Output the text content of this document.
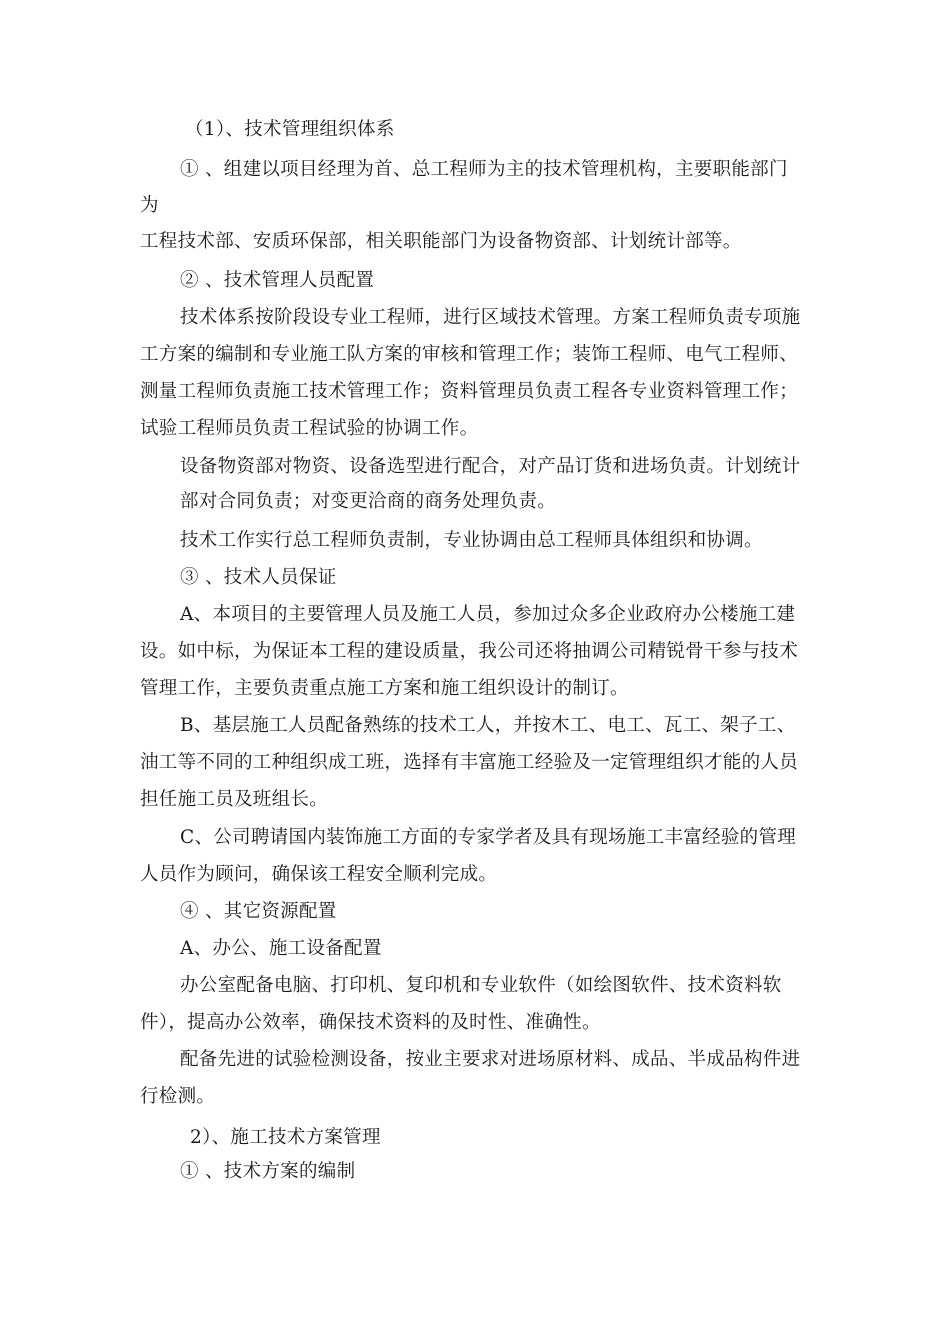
（1）、技术管理组织体系
① 、组建以项目经理为首、总工程师为主的技术管理机构，主要职能部门
为
工程技术部、安质环保部，相关职能部门为设备物资部、计划统计部等。
② 、技术管理人员配置
技术体系按阶段设专业工程师，进行区域技术管理。方案工程师负责专项施
工方案的编制和专业施工队方案的审核和管理工作；装饰工程师、电气工程师、
测量工程师负责施工技术管理工作；资料管理员负责工程各专业资料管理工作；
试验工程师员负责工程试验的协调工作。
设备物资部对物资、设备选型进行配合，对产品订货和进场负责。计划统计
部对合同负责；对变更洽商的商务处理负责。
技术工作实行总工程师负责制，专业协调由总工程师具体组织和协调。
③ 、技术人员保证
A、本项目的主要管理人员及施工人员，参加过众多企业政府办公楼施工建
设。如中标，为保证本工程的建设质量，我公司还将抽调公司精锐骨干参与技术
管理工作，主要负责重点施工方案和施工组织设计的制订。
B、基层施工人员配备熟练的技术工人，并按木工、电工、瓦工、架子工、
油工等不同的工种组织成工班，选择有丰富施工经验及一定管理组织才能的人员
担任施工员及班组长。
C、公司聘请国内装饰施工方面的专家学者及具有现场施工丰富经验的管理
人员作为顾问，确保该工程安全顺利完成。
④ 、其它资源配置
A、办公、施工设备配置
办公室配备电脑、打印机、复印机和专业软件（如绘图软件、技术资料软
件），提高办公效率，确保技术资料的及时性、准确性。
配备先进的试验检测设备，按业主要求对进场原材料、成品、半成品构件进
行检测。
2）、施工技术方案管理
① 、技术方案的编制
